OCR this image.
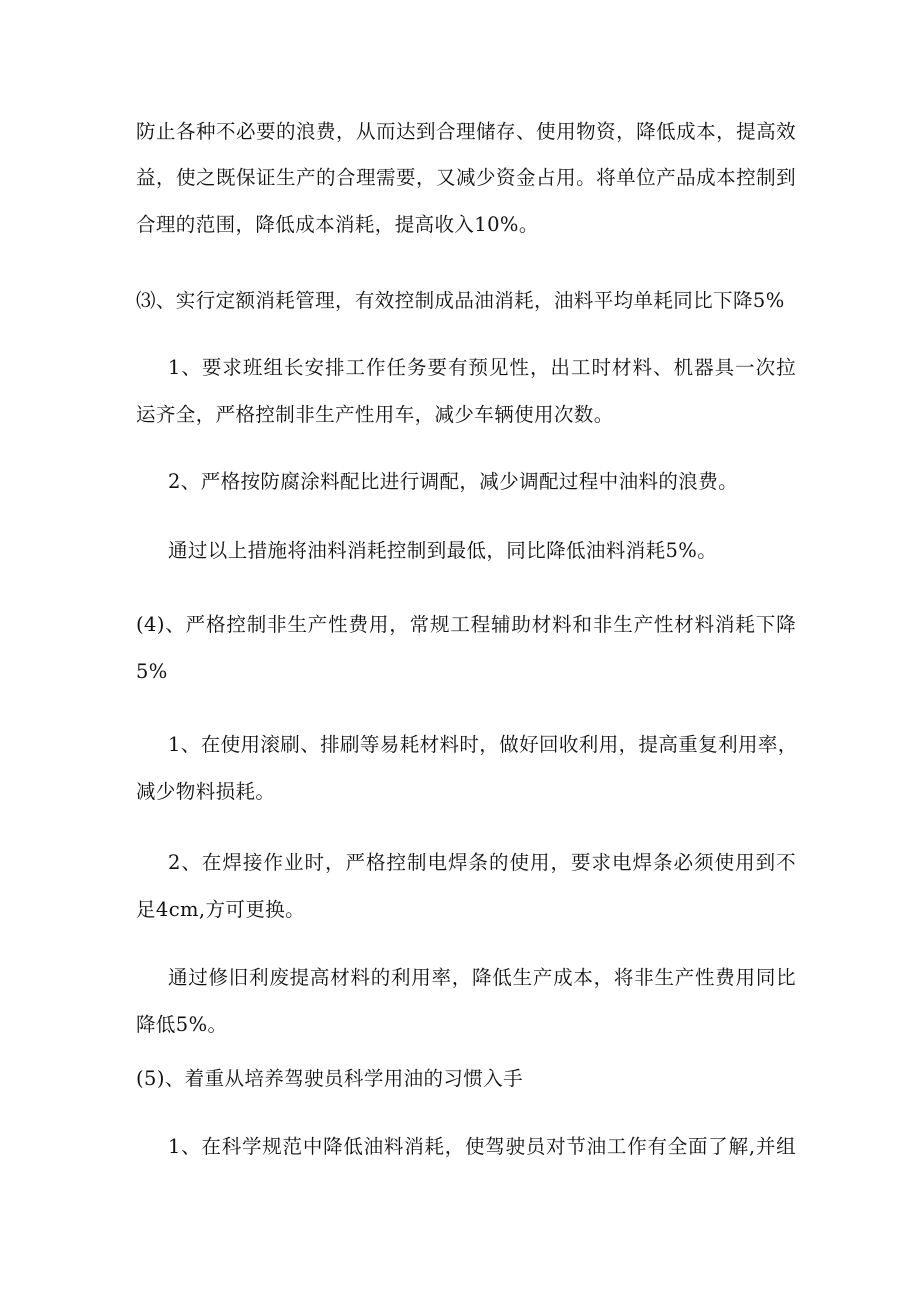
防止各种不必要的浪费，从而达到合理储存、使用物资，降低成本，提高效
益，使之既保证生产的合理需要，又减少资金占用。将单位产品成本控制到
合理的范围，降低成本消耗，提高收入10%。
⑶、实行定额消耗管理，有效控制成品油消耗，油料平均单耗同比下降5%
1、要求班组长安排工作任务要有预见性，出工时材料、机器具一次拉
运齐全，严格控制非生产性用车，减少车辆使用次数。
2、严格按防腐涂料配比进行调配，减少调配过程中油料的浪费。
通过以上措施将油料消耗控制到最低，同比降低油料消耗5%。
(4)、严格控制非生产性费用，常规工程辅助材料和非生产性材料消耗下降
5%
1、在使用滚刷、排刷等易耗材料时，做好回收利用，提高重复利用率，
减少物料损耗。
2、在焊接作业时，严格控制电焊条的使用，要求电焊条必须使用到不
足4cm,方可更换。
通过修旧利废提高材料的利用率，降低生产成本，将非生产性费用同比
降低5%。
(5)、着重从培养驾驶员科学用油的习惯入手
1、在科学规范中降低油料消耗，使驾驶员对节油工作有全面了解,并组
